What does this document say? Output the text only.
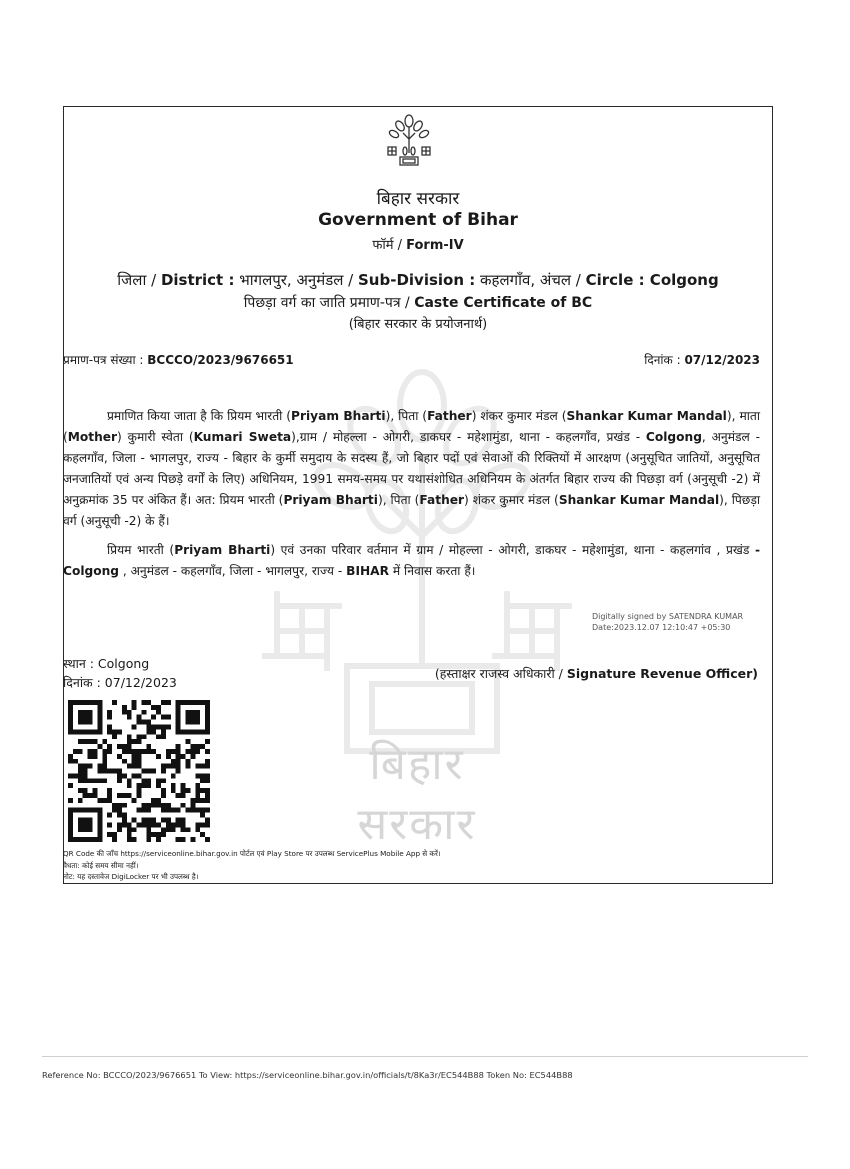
बिहार सरकार
बिहार सरकार
Government of Bihar
फॉर्म / Form-IV
जिला / District : भागलपुर, अनुमंडल / Sub-Division : कहलगाँव, अंचल / Circle : Colgong
पिछड़ा वर्ग का जाति प्रमाण-पत्र / Caste Certificate of BC
(बिहार सरकार के प्रयोजनार्थ)
प्रमाण-पत्र संख्या : BCCCO/2023/9676651	दिनांक : 07/12/2023
प्रमाणित किया जाता है कि प्रियम भारती (Priyam Bharti), पिता (Father) शंकर कुमार मंडल (Shankar Kumar Mandal), माता (Mother) कुमारी स्वेता (Kumari Sweta),ग्राम / मोहल्ला - ओगरी, डाकघर - महेशामुंडा, थाना - कहलगाँव, प्रखंड - Colgong, अनुमंडल - कहलगाँव, जिला - भागलपुर, राज्य - बिहार के कुर्मी समुदाय के सदस्य हैं, जो बिहार पदों एवं सेवाओं की रिक्तियों में आरक्षण (अनुसूचित जातियों, अनुसूचित जनजातियों एवं अन्य पिछड़े वर्गों के लिए) अधिनियम, 1991 समय-समय पर यथासंशोधित अधिनियम के अंतर्गत बिहार राज्य की पिछड़ा वर्ग (अनुसूची -2) में अनुक्रमांक 35 पर अंकित हैं। अत: प्रियम भारती (Priyam Bharti), पिता (Father) शंकर कुमार मंडल (Shankar Kumar Mandal), पिछड़ा वर्ग (अनुसूची -2) के हैं।
प्रियम भारती (Priyam Bharti) एवं उनका परिवार वर्तमान में ग्राम / मोहल्ला - ओगरी, डाकघर - महेशामुंडा, थाना - कहलगांव , प्रखंड - Colgong , अनुमंडल - कहलगाँव, जिला - भागलपुर, राज्य - BIHAR में निवास करता हैं।
Digitally signed by SATENDRA KUMAR
Date:2023.12.07 12:10:47 +05:30
स्थान : Colgong
दिनांक : 07/12/2023
(हस्ताक्षर राजस्व अधिकारी / Signature Revenue Officer)
QR Code की जाँच https://serviceonline.bihar.gov.in पोर्टल एवं Play Store पर उपलब्ध ServicePlus Mobile App से करें।
वैधता: कोई समय सीमा नहीं।
नोट: यह दस्तावेज DigiLocker पर भी उपलब्ध है।
Reference No: BCCCO/2023/9676651 To View: https://serviceonline.bihar.gov.in/officials/t/8Ka3r/EC544B88 Token No: EC544B88
